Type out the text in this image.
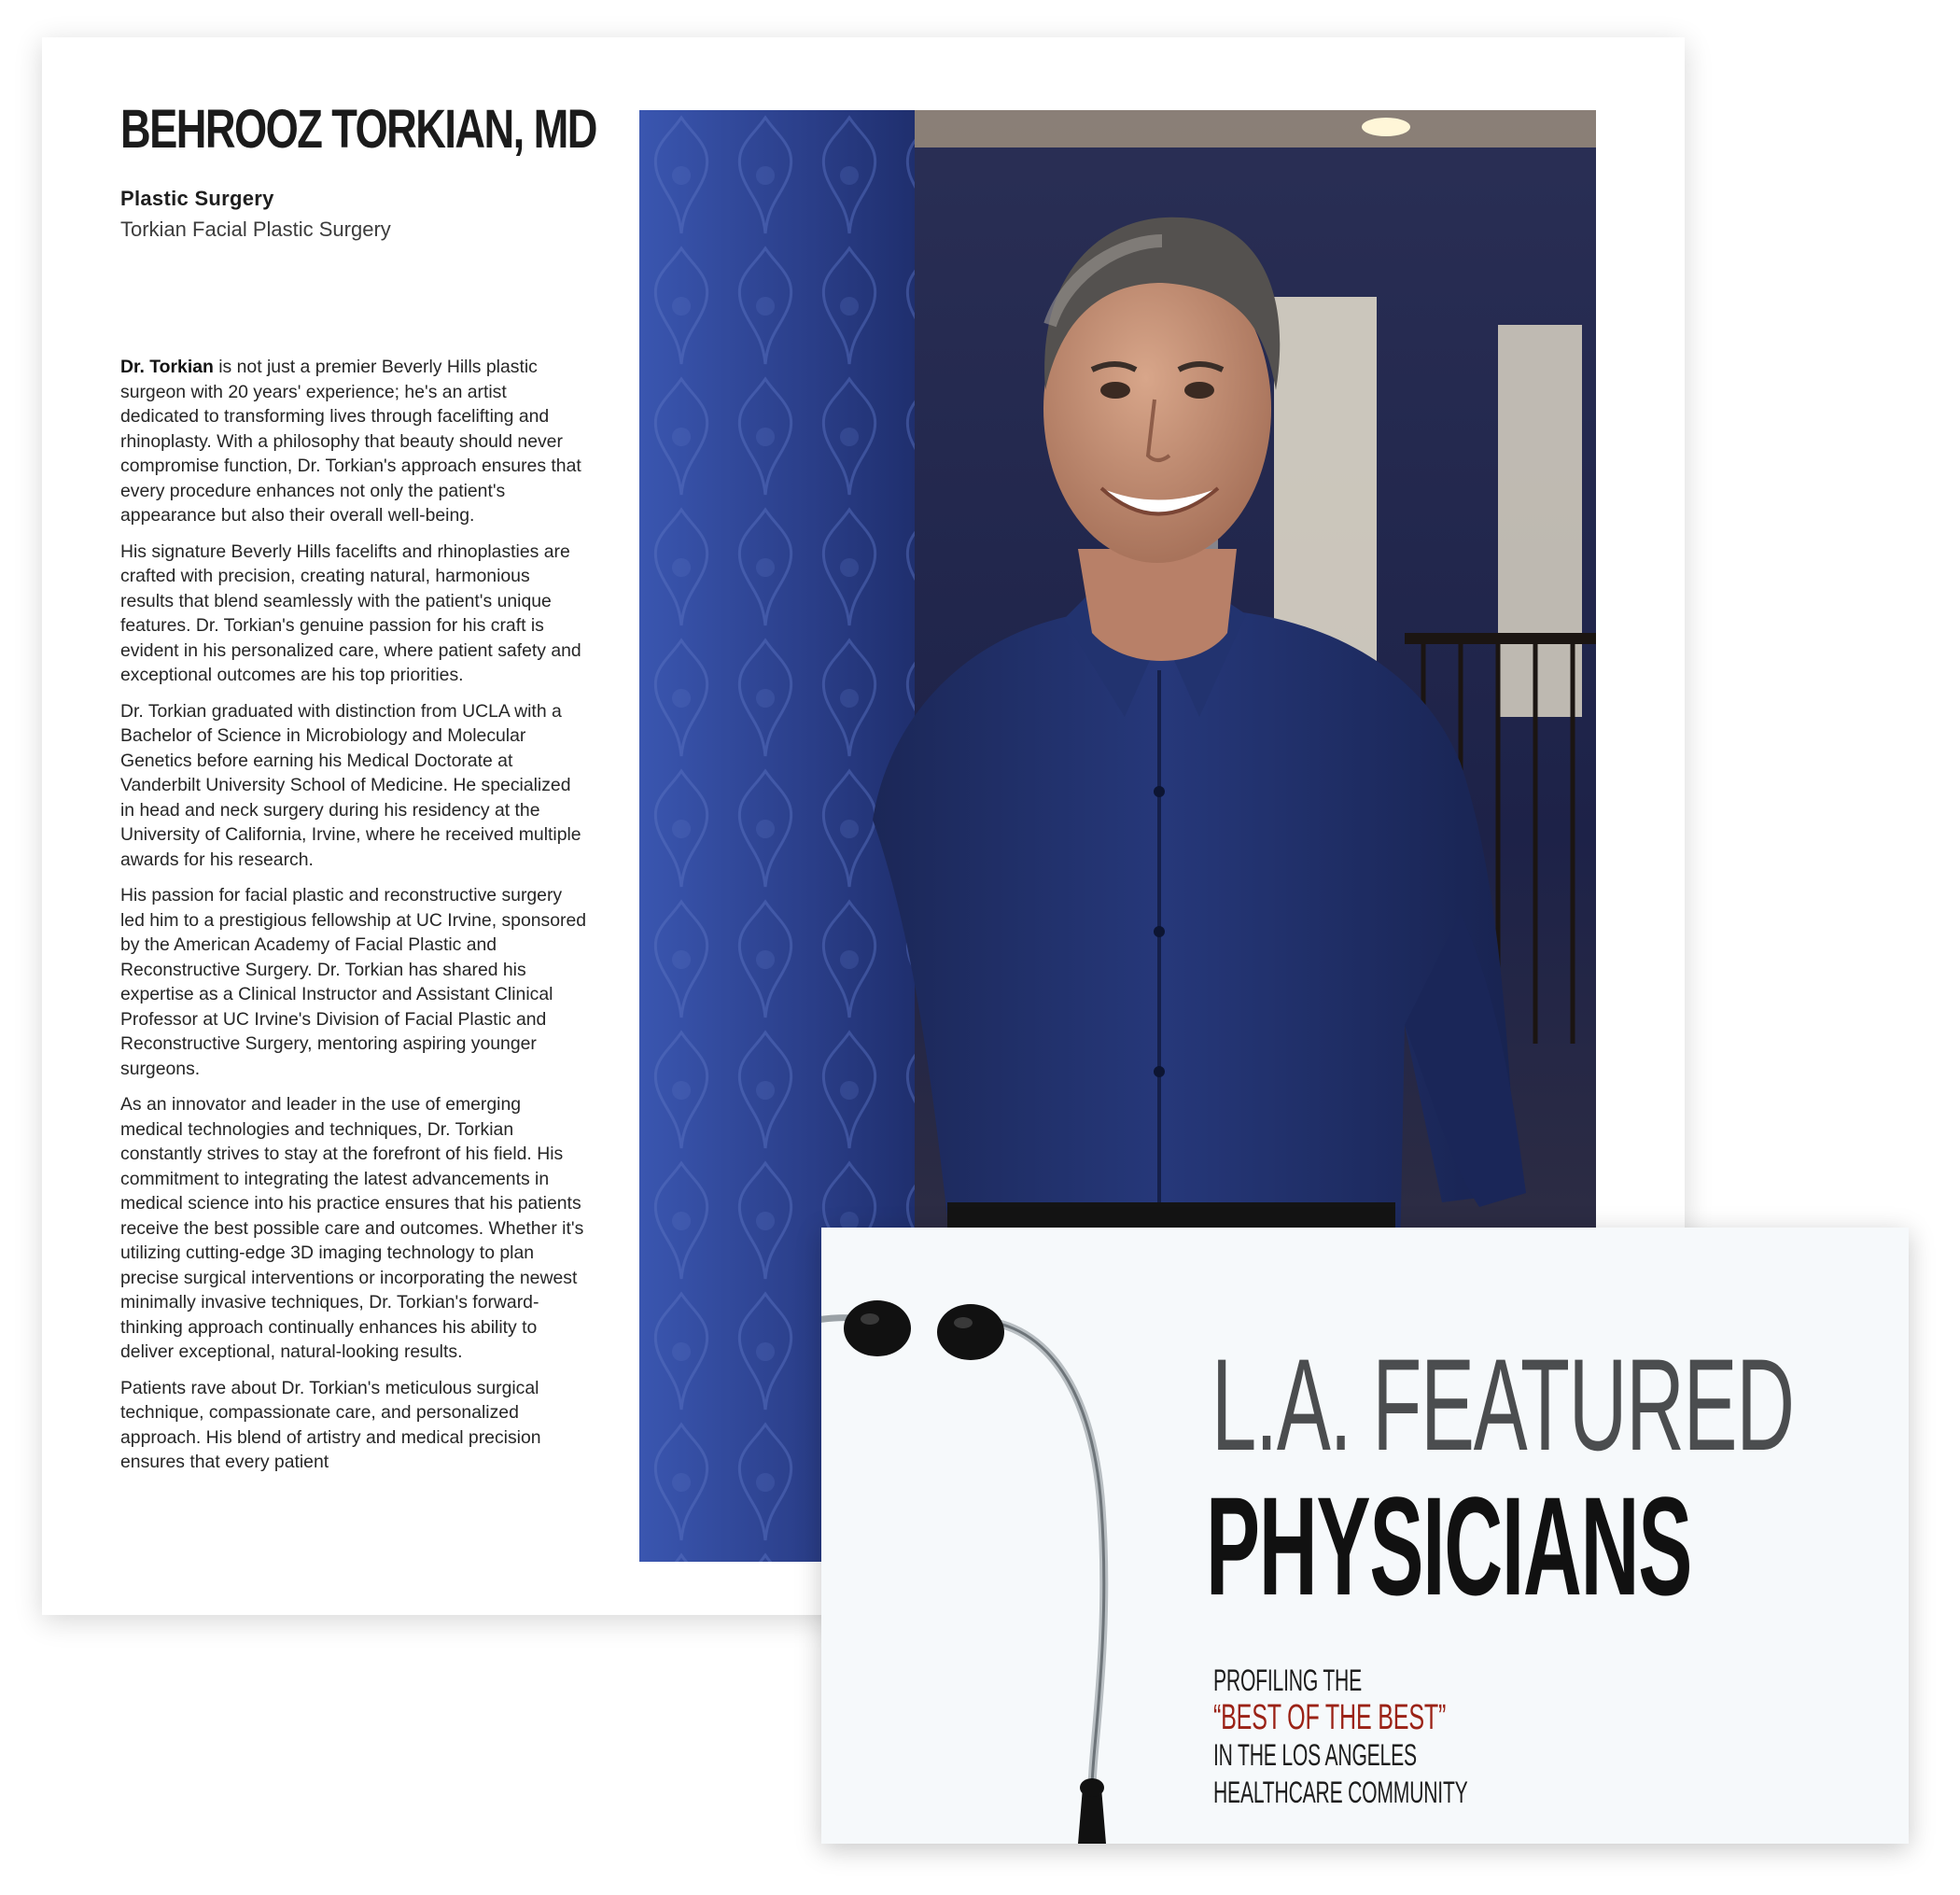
BEHROOZ TORKIAN, MD
Plastic Surgery
Torkian Facial Plastic Surgery

Dr. Torkian is not just a premier Beverly Hills plastic surgeon with 20 years' experience; he's an artist dedicated to transforming lives through facelifting and rhinoplasty. With a philosophy that beauty should never compromise function, Dr. Torkian's approach ensures that every procedure enhances not only the patient's appearance but also their overall well-being.

His signature Beverly Hills facelifts and rhinoplasties are crafted with precision, creating natural, harmonious results that blend seamlessly with the patient's unique features. Dr. Torkian's genuine passion for his craft is evident in his personalized care, where patient safety and exceptional outcomes are his top priorities.

Dr. Torkian graduated with distinction from UCLA with a Bachelor of Science in Microbiology and Molecular Genetics before earning his Medical Doctorate at Vanderbilt University School of Medicine. He specialized in head and neck surgery during his residency at the University of California, Irvine, where he received multiple awards for his research.

His passion for facial plastic and reconstructive surgery led him to a prestigious fellowship at UC Irvine, sponsored by the American Academy of Facial Plastic and Reconstructive Surgery. Dr. Torkian has shared his expertise as a Clinical Instructor and Assistant Clinical Professor at UC Irvine's Division of Facial Plastic and Reconstructive Surgery, mentoring aspiring younger surgeons.

As an innovator and leader in the use of emerging medical technologies and techniques, Dr. Torkian constantly strives to stay at the forefront of his field. His commitment to integrating the latest advancements in medical science into his practice ensures that his patients receive the best possible care and outcomes. Whether it's utilizing cutting-edge 3D imaging technology to plan precise surgical interventions or incorporating the newest minimally invasive techniques, Dr. Torkian's forward-thinking approach continually enhances his ability to deliver exceptional, natural-looking results.

Patients rave about Dr. Torkian's meticulous surgical technique, compassionate care, and personalized approach. His blend of artistry and medical precision ensures that every patient	L.A. FEATURED
PHYSICIANS
PROFILING THE
“BEST OF THE BEST”
IN THE LOS ANGELES
HEALTHCARE COMMUNITY
